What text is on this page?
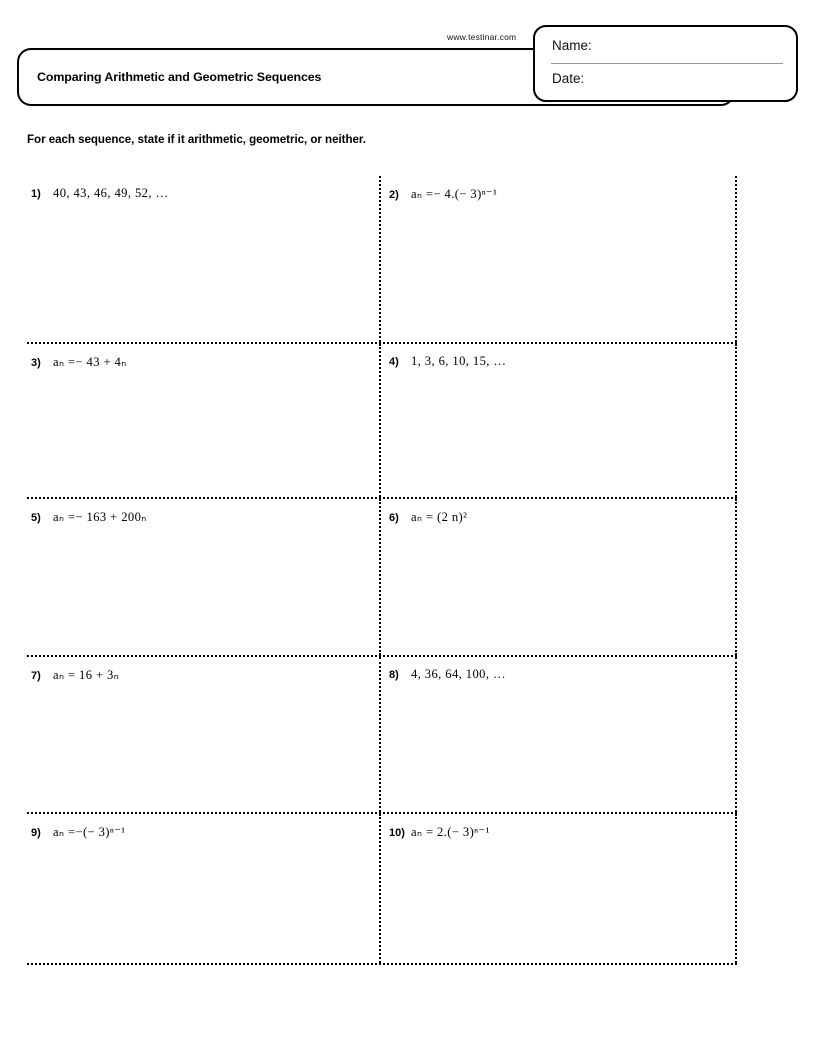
www.testinar.com
Comparing Arithmetic and Geometric Sequences
Name:
Date:
For each sequence, state if it arithmetic, geometric, or neither.
1) 40, 43, 46, 49, 52, …	2) aₙ =− 4.(− 3)ⁿ⁻¹
3) aₙ =− 43 + 4ₙ	4) 1, 3, 6, 10, 15, …
5) aₙ =− 163 + 200ₙ	6) aₙ = (2 n)²
7) aₙ = 16 + 3ₙ	8) 4, 36, 64, 100, …
9) aₙ =−(− 3)ⁿ⁻¹	10) aₙ = 2.(− 3)ⁿ⁻¹
